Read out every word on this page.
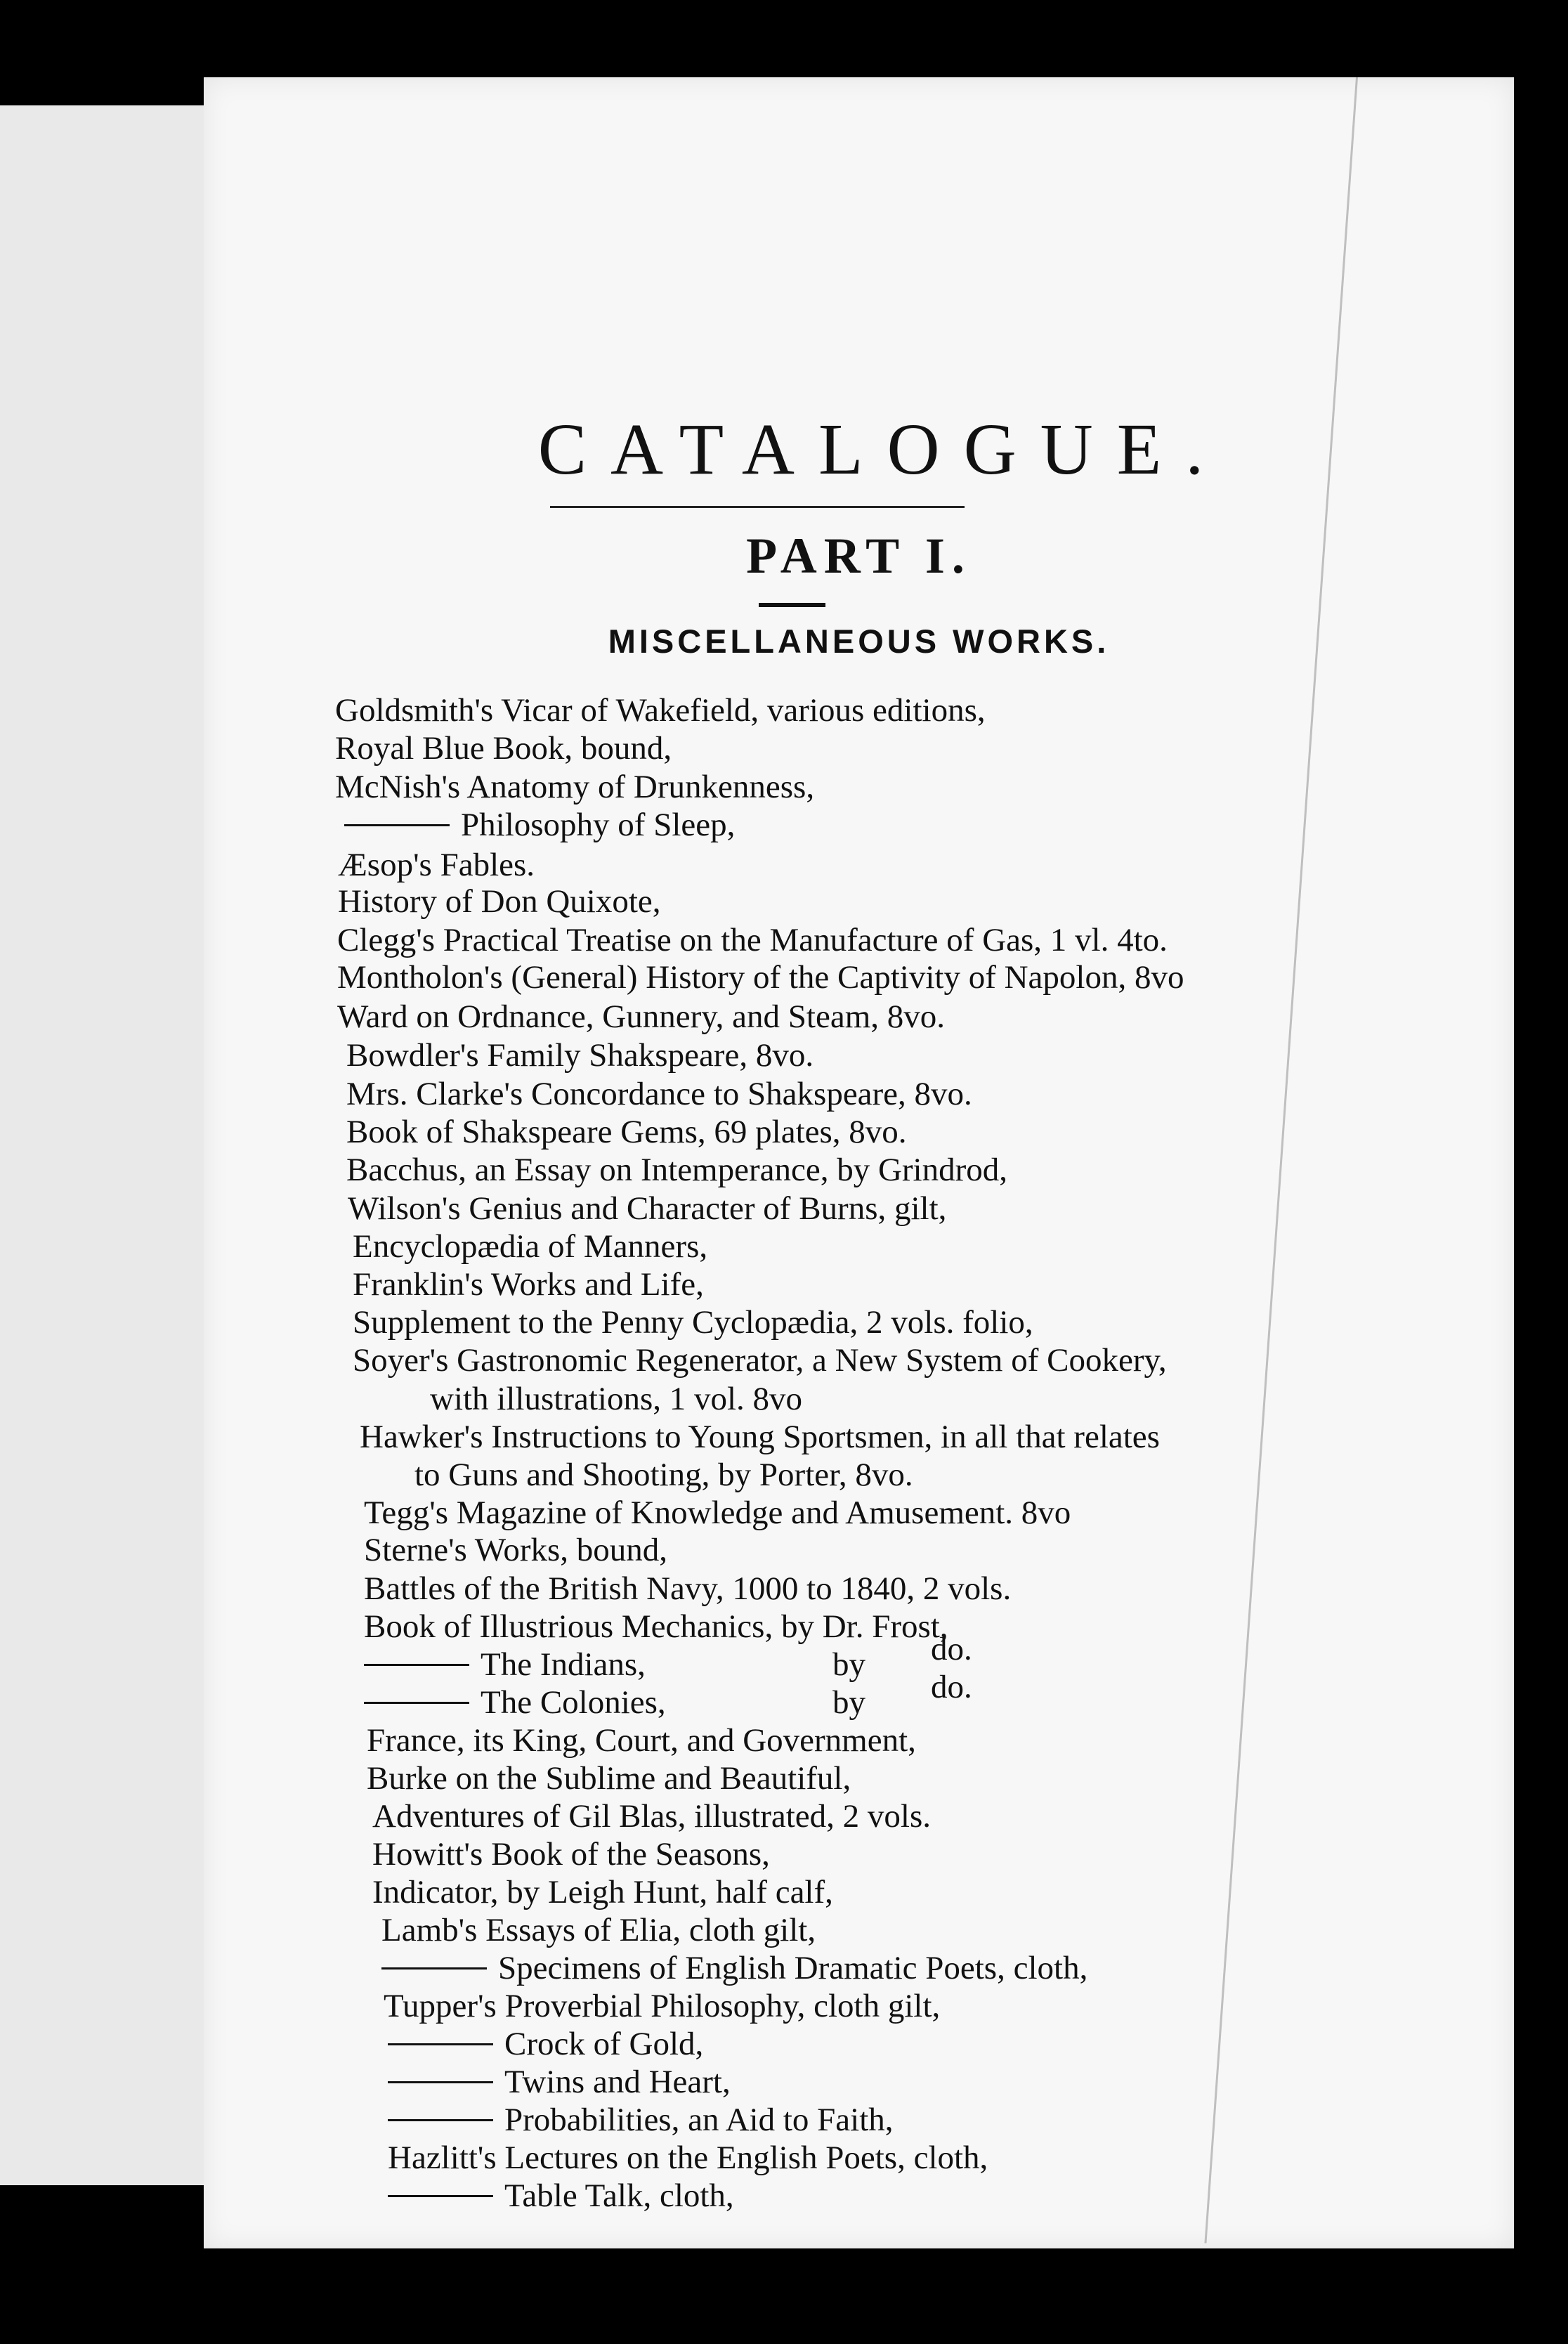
CATALOGUE.
PART I.
MISCELLANEOUS WORKS.
Goldsmith's Vicar of Wakefield, various editions,
Royal Blue Book, bound,
McNish's Anatomy of Drunkenness,
Philosophy of Sleep,
Æsop's Fables.
History of Don Quixote,
Clegg's Practical Treatise on the Manufacture of Gas, 1 vl. 4to.
Montholon's (General) History of the Captivity of Napolon, 8vo
Ward on Ordnance, Gunnery, and Steam, 8vo.
Bowdler's Family Shakspeare, 8vo.
Mrs. Clarke's Concordance to Shakspeare, 8vo.
Book of Shakspeare Gems, 69 plates, 8vo.
Bacchus, an Essay on Intemperance, by Grindrod,
Wilson's Genius and Character of Burns, gilt,
Encyclopædia of Manners,
Franklin's Works and Life,
Supplement to the Penny Cyclopædia, 2 vols. folio,
Soyer's Gastronomic Regenerator, a New System of Cookery,
with illustrations, 1 vol. 8vo
Hawker's Instructions to Young Sportsmen, in all that relates
to Guns and Shooting, by Porter, 8vo.
Tegg's Magazine of Knowledge and Amusement. 8vo
Sterne's Works, bound,
Battles of the British Navy, 1000 to 1840, 2 vols.
Book of Illustrious Mechanics, by Dr. Frost,
The Indians,	by do.
The Colonies,	by do.
France, its King, Court, and Government,
Burke on the Sublime and Beautiful,
Adventures of Gil Blas, illustrated, 2 vols.
Howitt's Book of the Seasons,
Indicator, by Leigh Hunt, half calf,
Lamb's Essays of Elia, cloth gilt,
Specimens of English Dramatic Poets, cloth,
Tupper's Proverbial Philosophy, cloth gilt,
Crock of Gold,
Twins and Heart,
Probabilities, an Aid to Faith,
Hazlitt's Lectures on the English Poets, cloth,
Table Talk, cloth,
